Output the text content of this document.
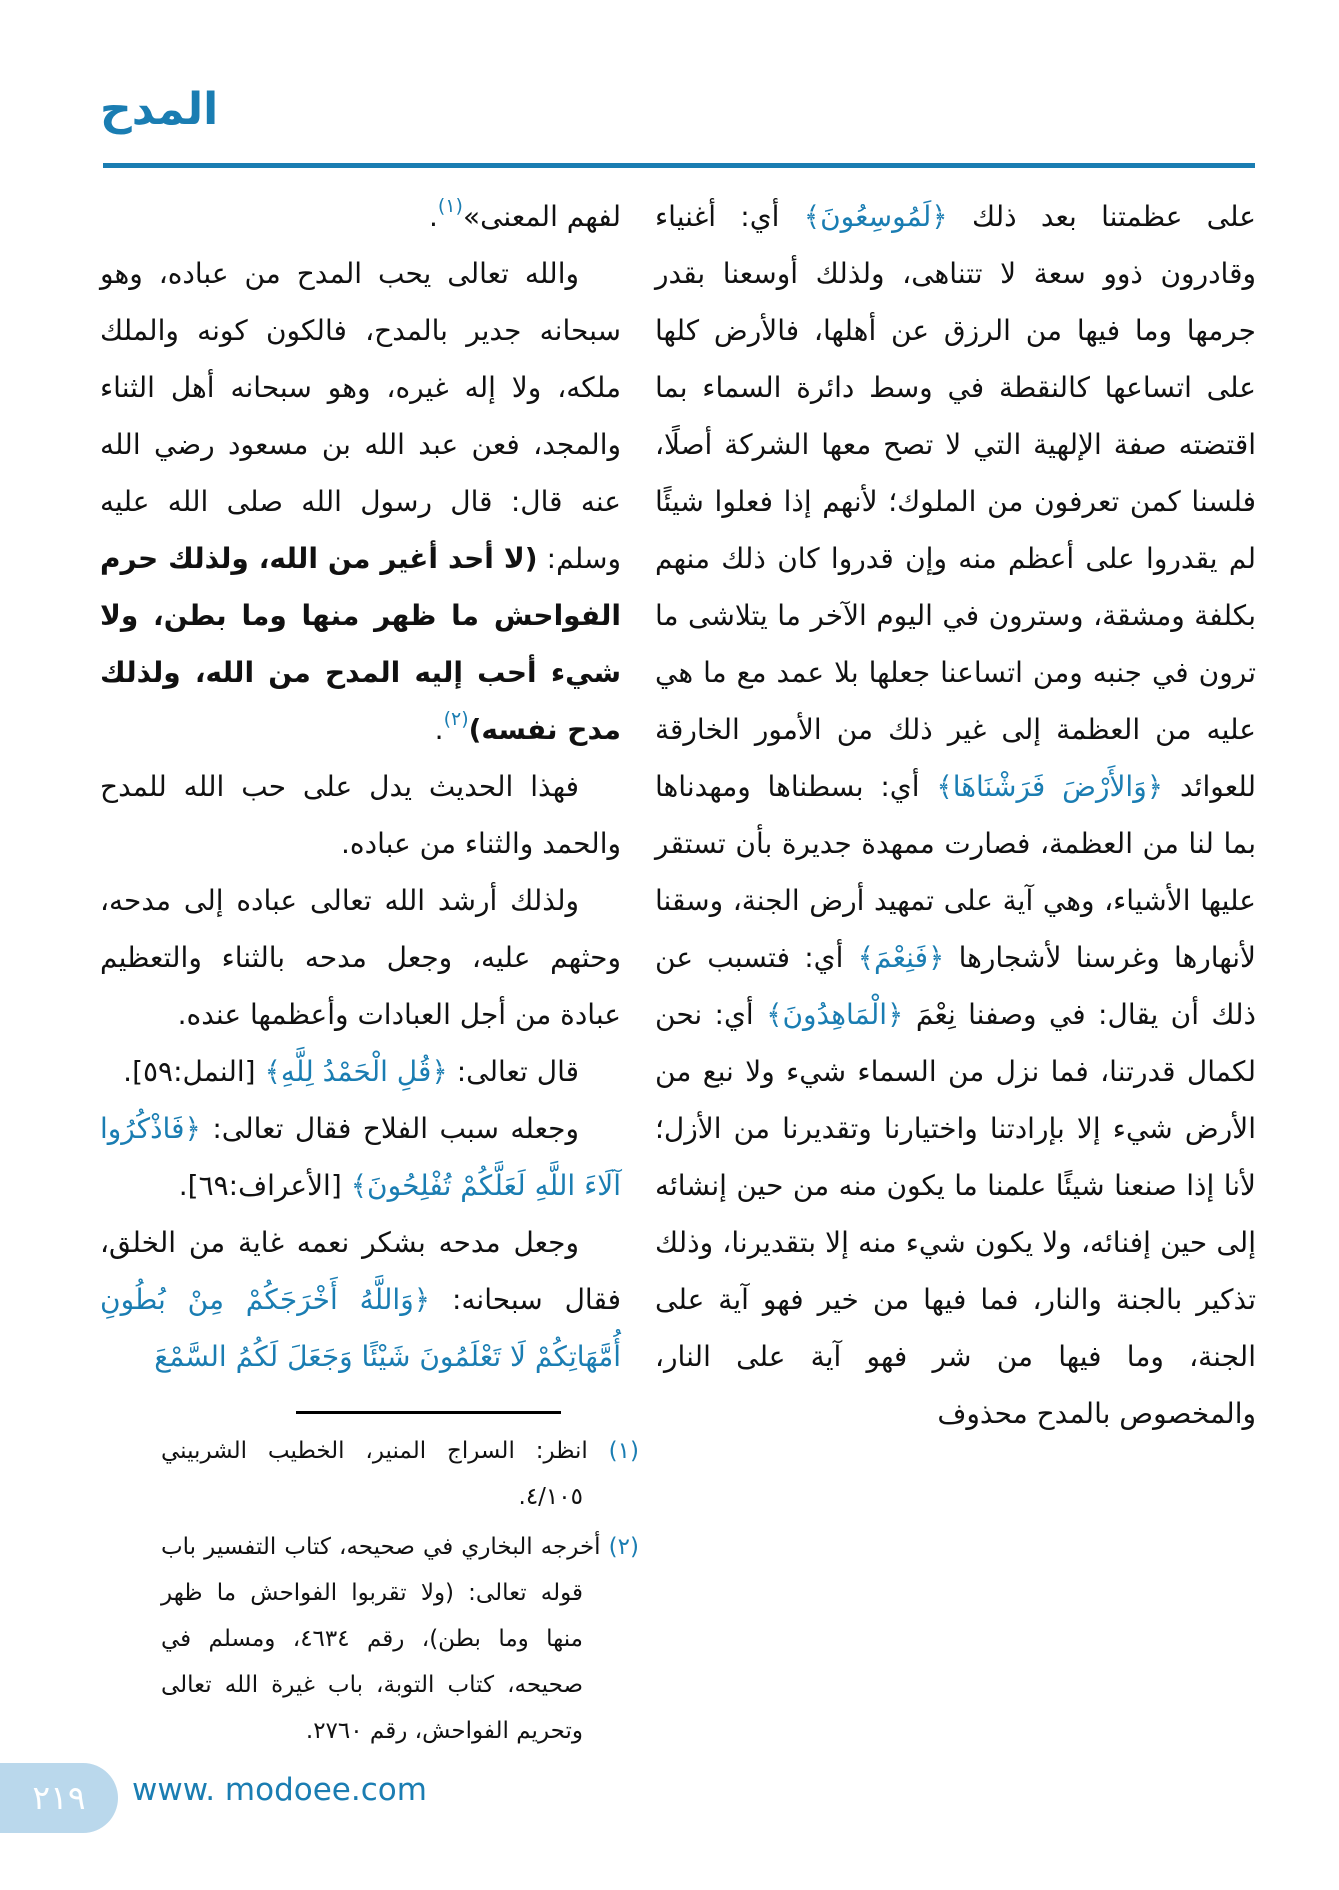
المدح

على عظمتنا بعد ذلك ﴿لَمُوسِعُونَ﴾ أي: أغنياء وقادرون ذوو سعة لا تتناهى، ولذلك أوسعنا بقدر جرمها وما فيها من الرزق عن أهلها، فالأرض كلها على اتساعها كالنقطة في وسط دائرة السماء بما اقتضته صفة الإلهية التي لا تصح معها الشركة أصلًا، فلسنا كمن تعرفون من الملوك؛ لأنهم إذا فعلوا شيئًا لم يقدروا على أعظم منه وإن قدروا كان ذلك منهم بكلفة ومشقة، وسترون في اليوم الآخر ما يتلاشى ما ترون في جنبه ومن اتساعنا جعلها بلا عمد مع ما هي عليه من العظمة إلى غير ذلك من الأمور الخارقة للعوائد ﴿وَالأَرْضَ فَرَشْنَاهَا﴾ أي: بسطناها ومهدناها بما لنا من العظمة، فصارت ممهدة جديرة بأن تستقر عليها الأشياء، وهي آية على تمهيد أرض الجنة، وسقنا لأنهارها وغرسنا لأشجارها ﴿فَنِعْمَ﴾ أي: فتسبب عن ذلك أن يقال: في وصفنا نِعْمَ ﴿الْمَاهِدُونَ﴾ أي: نحن لكمال قدرتنا، فما نزل من السماء شيء ولا نبع من الأرض شيء إلا بإرادتنا واختيارنا وتقديرنا من الأزل؛ لأنا إذا صنعنا شيئًا علمنا ما يكون منه من حين إنشائه إلى حين إفنائه، ولا يكون شيء منه إلا بتقديرنا، وذلك تذكير بالجنة والنار، فما فيها من خير فهو آية على الجنة، وما فيها من شر فهو آية على النار، والمخصوص بالمدح محذوف

لفهم المعنى»$^{(١)}$.

والله تعالى يحب المدح من عباده، وهو سبحانه جدير بالمدح، فالكون كونه والملك ملكه، ولا إله غيره، وهو سبحانه أهل الثناء والمجد، فعن عبد الله بن مسعود رضي الله عنه قال: قال رسول الله صلى الله عليه وسلم: (لا أحد أغير من الله، ولذلك حرم الفواحش ما ظهر منها وما بطن، ولا شيء أحب إليه المدح من الله، ولذلك مدح نفسه)$^{(٢)}$.

فهذا الحديث يدل على حب الله للمدح والحمد والثناء من عباده.

ولذلك أرشد الله تعالى عباده إلى مدحه، وحثهم عليه، وجعل مدحه بالثناء والتعظيم عبادة من أجل العبادات وأعظمها عنده.

قال تعالى: ﴿قُلِ الْحَمْدُ لِلَّهِ﴾ [النمل:٥٩].

وجعله سبب الفلاح فقال تعالى: ﴿فَاذْكُرُوا آلَاءَ اللَّهِ لَعَلَّكُمْ تُفْلِحُونَ﴾ [الأعراف:٦٩].

وجعل مدحه بشكر نعمه غاية من الخلق، فقال سبحانه: ﴿وَاللَّهُ أَخْرَجَكُمْ مِنْ بُطُونِ أُمَّهَاتِكُمْ لَا تَعْلَمُونَ شَيْئًا وَجَعَلَ لَكُمُ السَّمْعَ

(١) انظر: السراج المنير، الخطيب الشربيني ٤/١٠٥.
(٢) أخرجه البخاري في صحيحه، كتاب التفسير باب قوله تعالى: (ولا تقربوا الفواحش ما ظهر منها وما بطن)، رقم ٤٦٣٤، ومسلم في صحيحه، كتاب التوبة، باب غيرة الله تعالى وتحريم الفواحش، رقم ٢٧٦٠.
٢١٩	www. modoee.com
